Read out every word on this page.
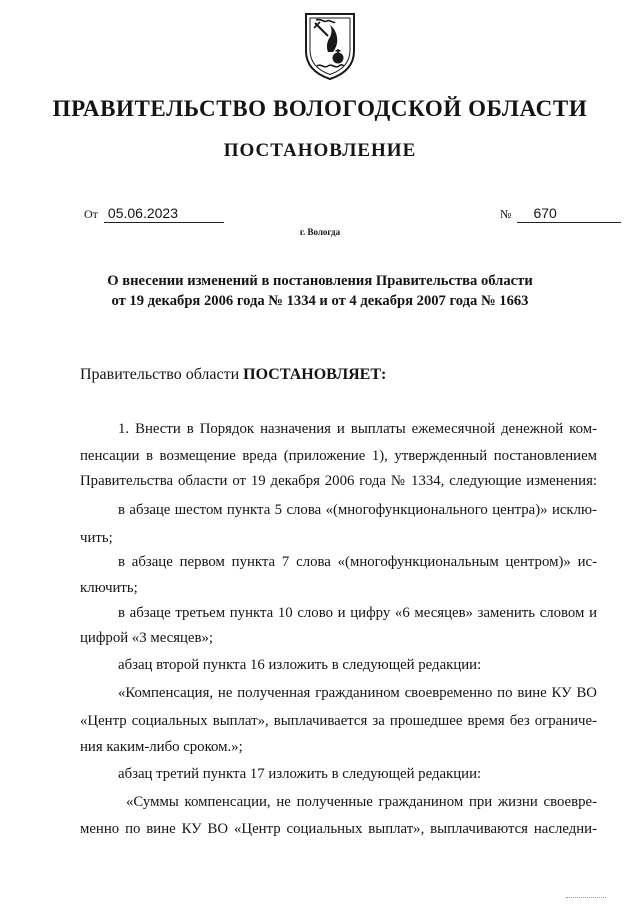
ПРАВИТЕЛЬСТВО ВОЛОГОДСКОЙ ОБЛАСТИ
ПОСТАНОВЛЕНИЕ
От 05.06.2023	№ 670

г. Вологда

О внесении изменений в постановления Правительства области
от 19 декабря 2006 года № 1334 и от 4 декабря 2007 года № 1663

Правительство области ПОСТАНОВЛЯЕТ:

1. Внести в Порядок назначения и выплаты ежемесячной денежной ком-

пенсации в возмещение вреда (приложение 1), утвержденный постановлением

Правительства области от 19 декабря 2006 года № 1334, следующие изменения:

в абзаце шестом пункта 5 слова «(многофункционального центра)» исклю-

чить;

в абзаце первом пункта 7 слова «(многофункциональным центром)» ис-

ключить;

в абзаце третьем пункта 10 слово и цифру «6 месяцев» заменить словом и

цифрой «3 месяцев»;

абзац второй пункта 16 изложить в следующей редакции:

«Компенсация, не полученная гражданином своевременно по вине КУ ВО

«Центр социальных выплат», выплачивается за прошедшее время без ограниче-

ния каким-либо сроком.»;

абзац третий пункта 17 изложить в следующей редакции:

«Суммы компенсации, не полученные гражданином при жизни своевре-

менно по вине КУ ВО «Центр социальных выплат», выплачиваются наследни-
